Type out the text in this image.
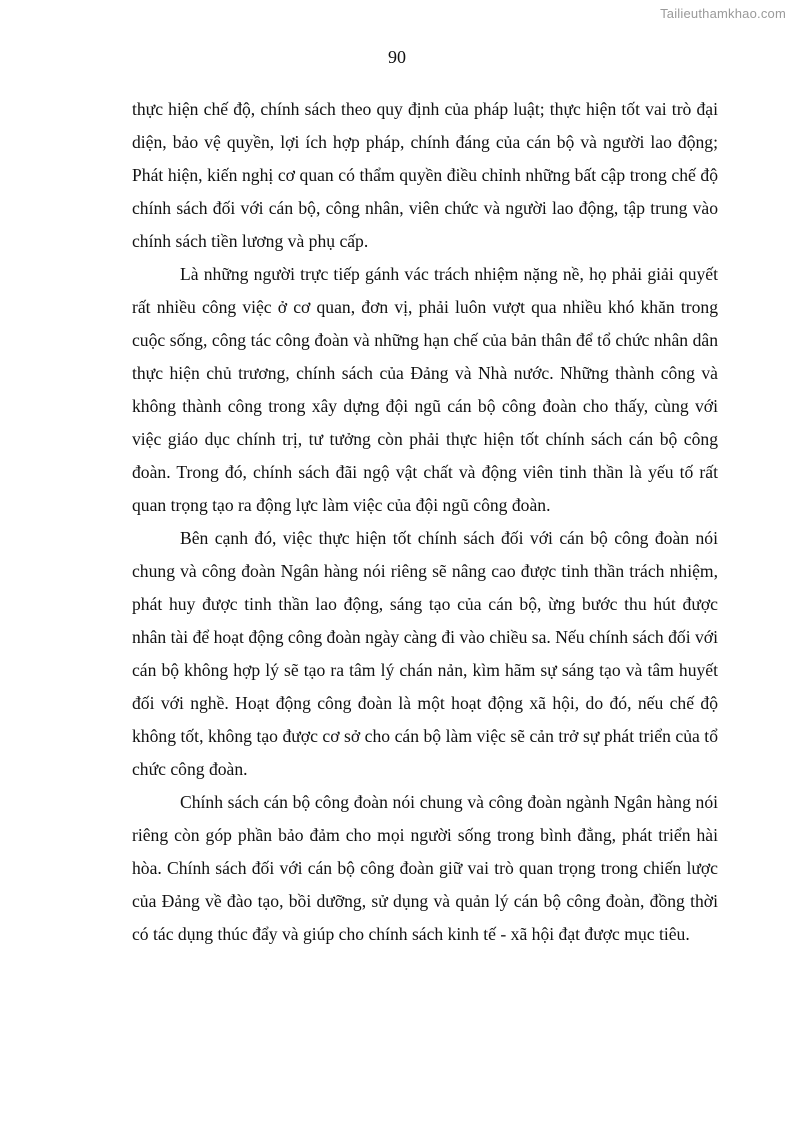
Tailieuthamkhao.com
90

thực hiện chế độ, chính sách theo quy định của pháp luật; thực hiện tốt vai trò đại diện, bảo vệ quyền, lợi ích hợp pháp, chính đáng của cán bộ và người lao động; Phát hiện, kiến nghị cơ quan có thẩm quyền điều chỉnh những bất cập trong chế độ chính sách đối với cán bộ, công nhân, viên chức và người lao động, tập trung vào chính sách tiền lương và phụ cấp.

Là những người trực tiếp gánh vác trách nhiệm nặng nề, họ phải giải quyết rất nhiều công việc ở cơ quan, đơn vị, phải luôn vượt qua nhiều khó khăn trong cuộc sống, công tác công đoàn và những hạn chế của bản thân để tổ chức nhân dân thực hiện chủ trương, chính sách của Đảng và Nhà nước. Những thành công và không thành công trong xây dựng đội ngũ cán bộ công đoàn cho thấy, cùng với việc giáo dục chính trị, tư tưởng còn phải thực hiện tốt chính sách cán bộ công đoàn. Trong đó, chính sách đãi ngộ vật chất và động viên tinh thần là yếu tố rất quan trọng tạo ra động lực làm việc của đội ngũ công đoàn.

Bên cạnh đó, việc thực hiện tốt chính sách đối với cán bộ công đoàn nói chung và công đoàn Ngân hàng nói riêng sẽ nâng cao được tinh thần trách nhiệm, phát huy được tinh thần lao động, sáng tạo của cán bộ, ừng bước thu hút được nhân tài để hoạt động công đoàn ngày càng đi vào chiều sa. Nếu chính sách đối với cán bộ không hợp lý sẽ tạo ra tâm lý chán nản, kìm hãm sự sáng tạo và tâm huyết đối với nghề. Hoạt động công đoàn là một hoạt động xã hội, do đó, nếu chế độ không tốt, không tạo được cơ sở cho cán bộ làm việc sẽ cản trở sự phát triển của tổ chức công đoàn.

Chính sách cán bộ công đoàn nói chung và công đoàn ngành Ngân hàng nói riêng còn góp phần bảo đảm cho mọi người sống trong bình đẳng, phát triển hài hòa. Chính sách đối với cán bộ công đoàn giữ vai trò quan trọng trong chiến lược của Đảng về đào tạo, bồi dưỡng, sử dụng và quản lý cán bộ công đoàn, đồng thời có tác dụng thúc đẩy và giúp cho chính sách kinh tế - xã hội đạt được mục tiêu.
